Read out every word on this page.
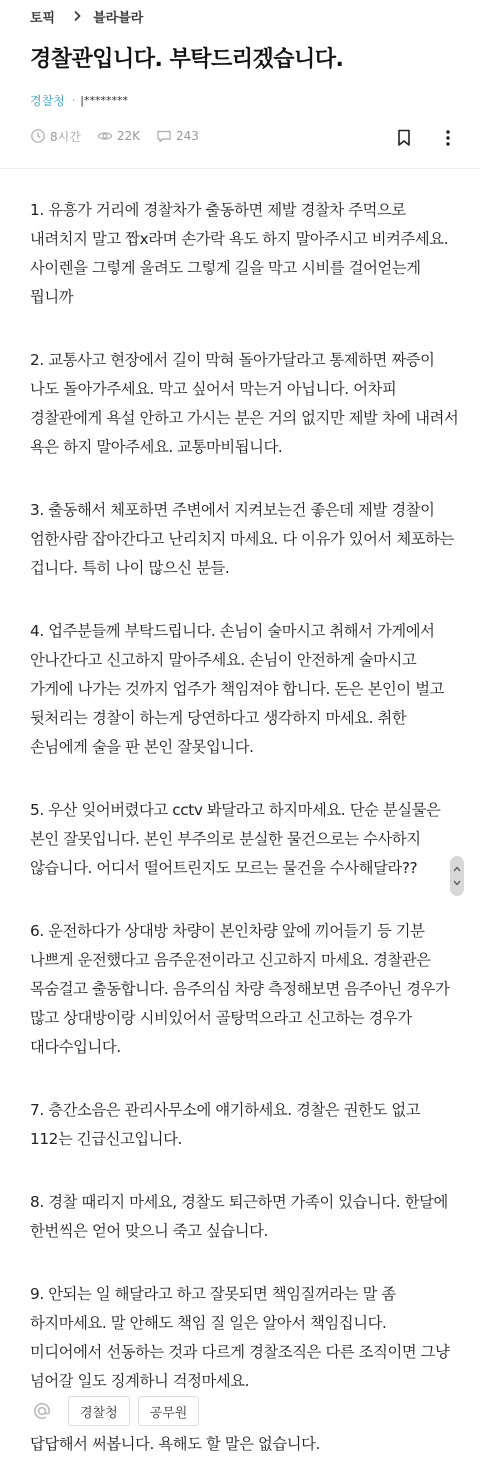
토픽	블라블라
경찰관입니다. 부탁드리겠습니다.
경찰청 · |********
8시간	22K	243

1. 유흥가 거리에 경찰차가 출동하면 제발 경찰차 주먹으로 내려치지 말고 짭x라며 손가락 욕도 하지 말아주시고 비켜주세요. 사이렌을 그렇게 울려도 그렇게 길을 막고 시비를 걸어얻는게 뭡니까

2. 교통사고 현장에서 길이 막혀 돌아가달라고 통제하면 짜증이 나도 돌아가주세요. 막고 싶어서 막는거 아닙니다. 어차피 경찰관에게 욕설 안하고 가시는 분은 거의 없지만 제발 차에 내려서 욕은 하지 말아주세요. 교통마비됩니다.

3. 출동해서 체포하면 주변에서 지켜보는건 좋은데 제발 경찰이 엄한사람 잡아간다고 난리치지 마세요. 다 이유가 있어서 체포하는 겁니다. 특히 나이 많으신 분들.

4. 업주분들께 부탁드립니다. 손님이 술마시고 취해서 가게에서 안나간다고 신고하지 말아주세요. 손님이 안전하게 술마시고 가게에 나가는 것까지 업주가 책임져야 합니다. 돈은 본인이 벌고 뒷처리는 경찰이 하는게 당연하다고 생각하지 마세요. 취한 손님에게 술을 판 본인 잘못입니다.

5. 우산 잊어버렸다고 cctv 봐달라고 하지마세요. 단순 분실물은 본인 잘못입니다. 본인 부주의로 분실한 물건으로는 수사하지 않습니다. 어디서 떨어트린지도 모르는 물건을 수사해달라??

6. 운전하다가 상대방 차량이 본인차량 앞에 끼어들기 등 기분 나쁘게 운전했다고 음주운전이라고 신고하지 마세요. 경찰관은 목숨걸고 출동합니다. 음주의심 차량 측정해보면 음주아닌 경우가 많고 상대방이랑 시비있어서 골탕먹으라고 신고하는 경우가 대다수입니다.

7. 층간소음은 관리사무소에 얘기하세요. 경찰은 권한도 없고 112는 긴급신고입니다.

8. 경찰 때리지 마세요, 경찰도 퇴근하면 가족이 있습니다. 한달에 한번씩은 얻어 맞으니 죽고 싶습니다.

9. 안되는 일 해달라고 하고 잘못되면 책임질꺼라는 말 좀 하지마세요. 말 안해도 책임 질 일은 알아서 책임집니다. 미디어에서 선동하는 것과 다르게 경찰조직은 다른 조직이면 그냥 넘어갈 일도 징계하니 걱정마세요.

답답해서 써봅니다. 욕해도 할 말은 없습니다.

경찰청	공무원
